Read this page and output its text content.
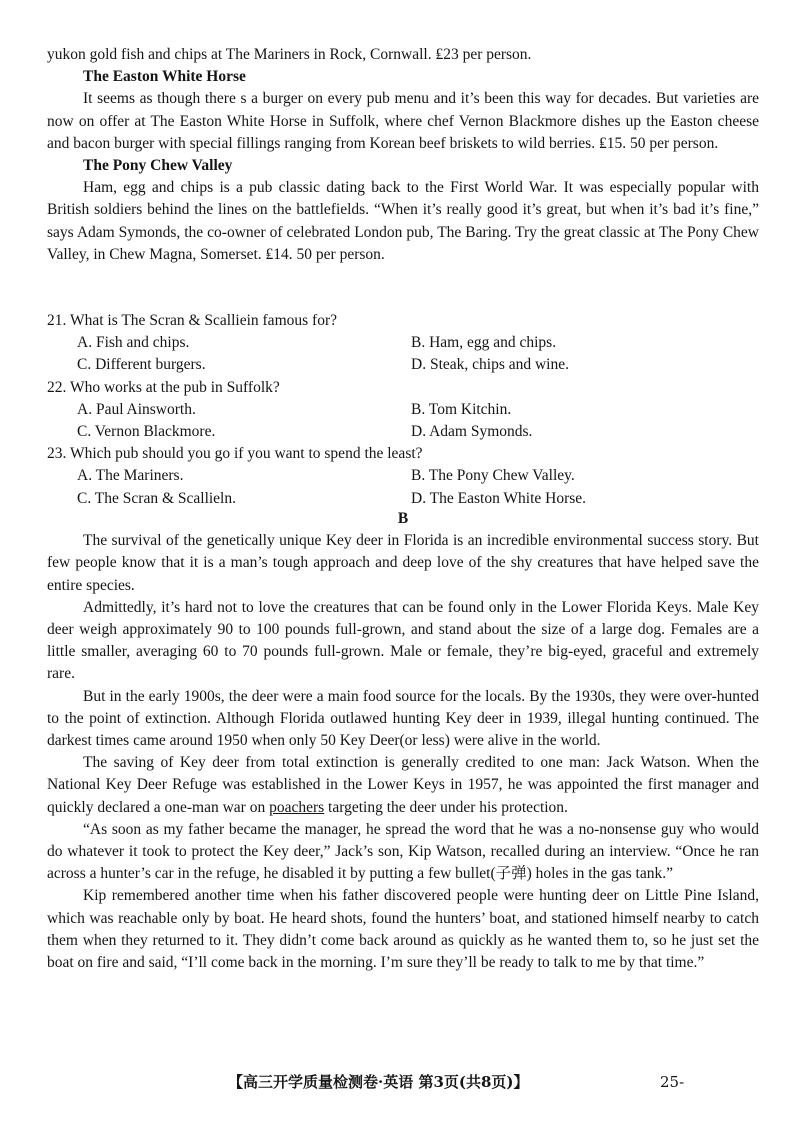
yukon gold fish and chips at The Mariners in Rock, Cornwall. ₤23 per person.

The Easton White Horse

It seems as though there s a burger on every pub menu and it’s been this way for decades. But varieties are now on offer at The Easton White Horse in Suffolk, where chef Vernon Blackmore dishes up the Easton cheese and bacon burger with special fillings ranging from Korean beef briskets to wild berries. ₤15. 50 per person.

The Pony Chew Valley

Ham, egg and chips is a pub classic dating back to the First World War. It was especially popular with British soldiers behind the lines on the battlefields. “When it’s really good it’s great, but when it’s bad it’s fine,” says Adam Symonds, the co-owner of celebrated London pub, The Baring. Try the great classic at The Pony Chew Valley, in Chew Magna, Somerset. ₤14. 50 per person.

21. What is The Scran & Scalliein famous for?

A. Fish and chips.	B. Ham, egg and chips.
C. Different burgers.	D. Steak, chips and wine.

22. Who works at the pub in Suffolk?

A. Paul Ainsworth.	B. Tom Kitchin.
C. Vernon Blackmore.	D. Adam Symonds.

23. Which pub should you go if you want to spend the least?

A. The Mariners.	B. The Pony Chew Valley.
C. The Scran & Scallieln.	D. The Easton White Horse.

B

The survival of the genetically unique Key deer in Florida is an incredible environmental success story. But few people know that it is a man’s tough approach and deep love of the shy creatures that have helped save the entire species.

Admittedly, it’s hard not to love the creatures that can be found only in the Lower Florida Keys. Male Key deer weigh approximately 90 to 100 pounds full-grown, and stand about the size of a large dog. Females are a little smaller, averaging 60 to 70 pounds full-grown. Male or female, they’re big-eyed, graceful and extremely rare.

But in the early 1900s, the deer were a main food source for the locals. By the 1930s, they were over-hunted to the point of extinction. Although Florida outlawed hunting Key deer in 1939, illegal hunting continued. The darkest times came around 1950 when only 50 Key Deer(or less) were alive in the world.

The saving of Key deer from total extinction is generally credited to one man: Jack Watson. When the National Key Deer Refuge was established in the Lower Keys in 1957, he was appointed the first manager and quickly declared a one-man war on poachers targeting the deer under his protection.

“As soon as my father became the manager, he spread the word that he was a no-nonsense guy who would do whatever it took to protect the Key deer,” Jack’s son, Kip Watson, recalled during an interview. “Once he ran across a hunter’s car in the refuge, he disabled it by putting a few bullet(子弹) holes in the gas tank.”

Kip remembered another time when his father discovered people were hunting deer on Little Pine Island, which was reachable only by boat. He heard shots, found the hunters’ boat, and stationed himself nearby to catch them when they returned to it. They didn’t come back around as quickly as he wanted them to, so he just set the boat on fire and said, “I’ll come back in the morning. I’m sure they’ll be ready to talk to me by that time.”

【高三开学质量检测卷·英语 第3页(共8页)】	25-
